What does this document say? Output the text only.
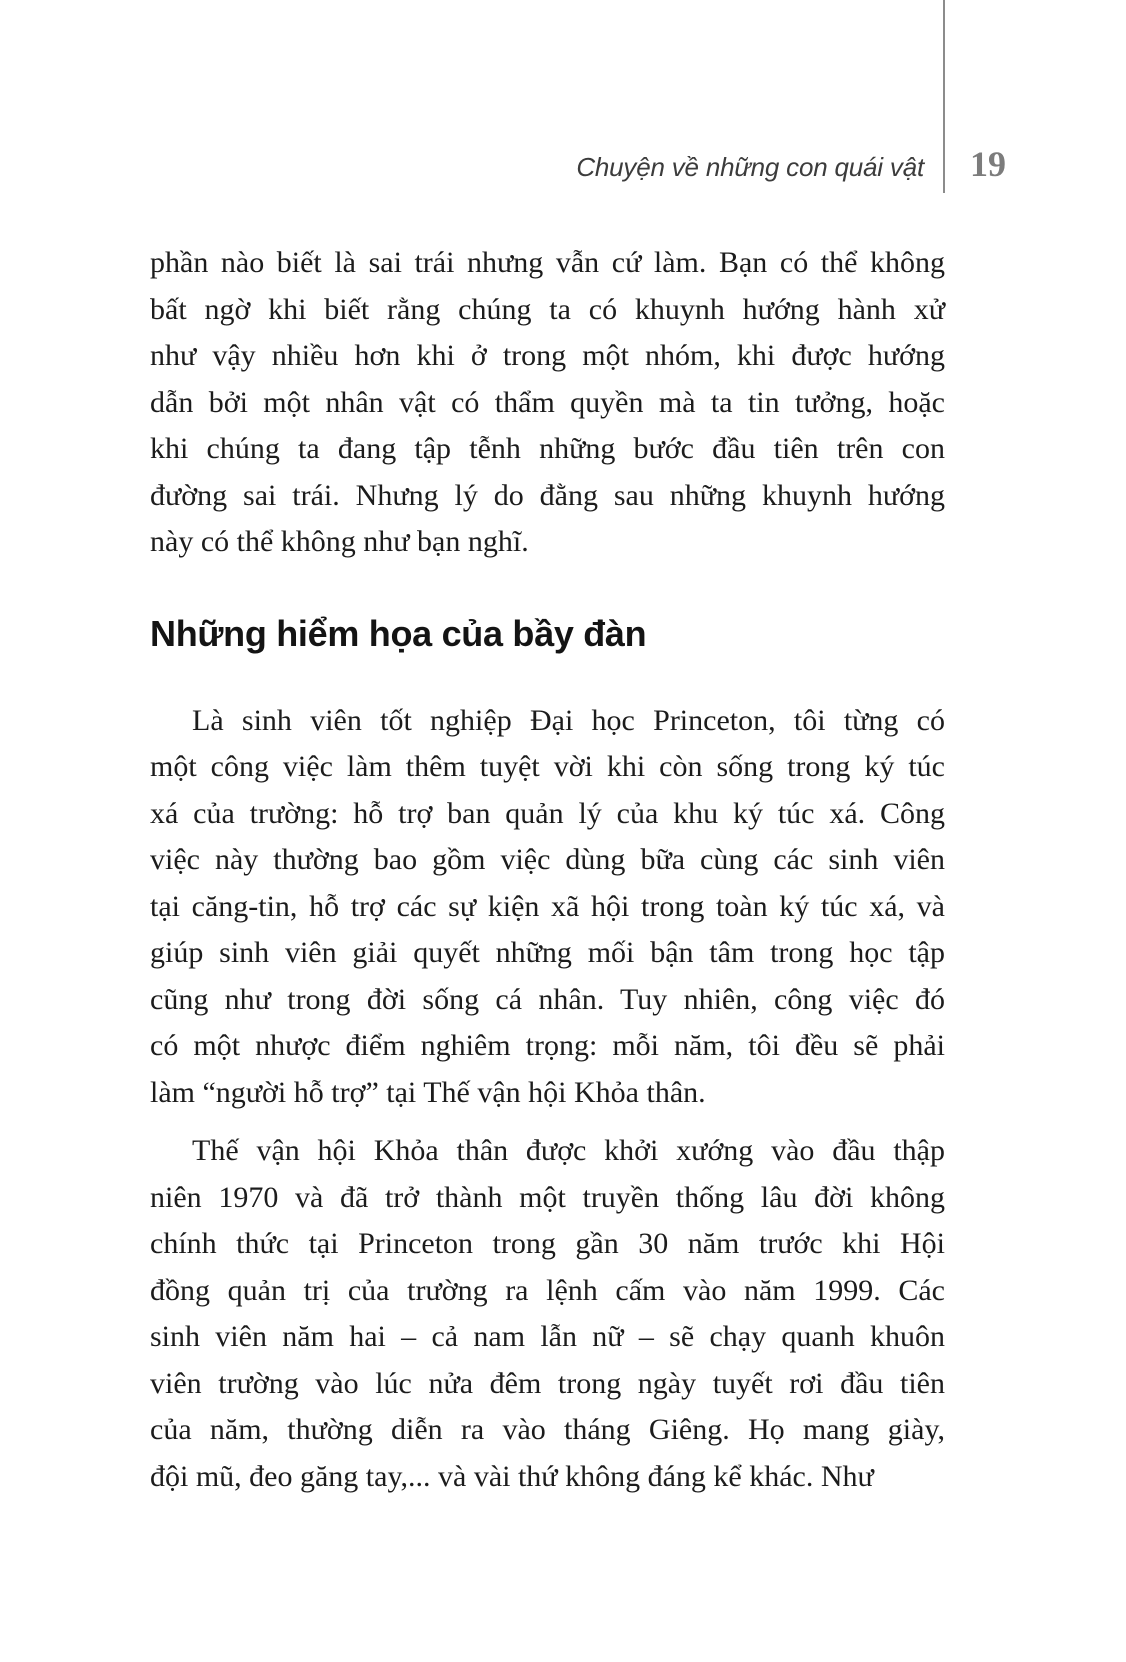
Chuyện về những con quái vật 19
phần nào biết là sai trái nhưng vẫn cứ làm. Bạn có thể không
bất ngờ khi biết rằng chúng ta có khuynh hướng hành xử
như vậy nhiều hơn khi ở trong một nhóm, khi được hướng
dẫn bởi một nhân vật có thẩm quyền mà ta tin tưởng, hoặc
khi chúng ta đang tập tễnh những bước đầu tiên trên con
đường sai trái. Nhưng lý do đằng sau những khuynh hướng
này có thể không như bạn nghĩ.
Những hiểm họa của bầy đàn
Là sinh viên tốt nghiệp Đại học Princeton, tôi từng có
một công việc làm thêm tuyệt vời khi còn sống trong ký túc
xá của trường: hỗ trợ ban quản lý của khu ký túc xá. Công
việc này thường bao gồm việc dùng bữa cùng các sinh viên
tại căng-tin, hỗ trợ các sự kiện xã hội trong toàn ký túc xá, và
giúp sinh viên giải quyết những mối bận tâm trong học tập
cũng như trong đời sống cá nhân. Tuy nhiên, công việc đó
có một nhược điểm nghiêm trọng: mỗi năm, tôi đều sẽ phải
làm “người hỗ trợ” tại Thế vận hội Khỏa thân.
Thế vận hội Khỏa thân được khởi xướng vào đầu thập
niên 1970 và đã trở thành một truyền thống lâu đời không
chính thức tại Princeton trong gần 30 năm trước khi Hội
đồng quản trị của trường ra lệnh cấm vào năm 1999. Các
sinh viên năm hai – cả nam lẫn nữ – sẽ chạy quanh khuôn
viên trường vào lúc nửa đêm trong ngày tuyết rơi đầu tiên
của năm, thường diễn ra vào tháng Giêng. Họ mang giày,
đội mũ, đeo găng tay,... và vài thứ không đáng kể khác. Như
